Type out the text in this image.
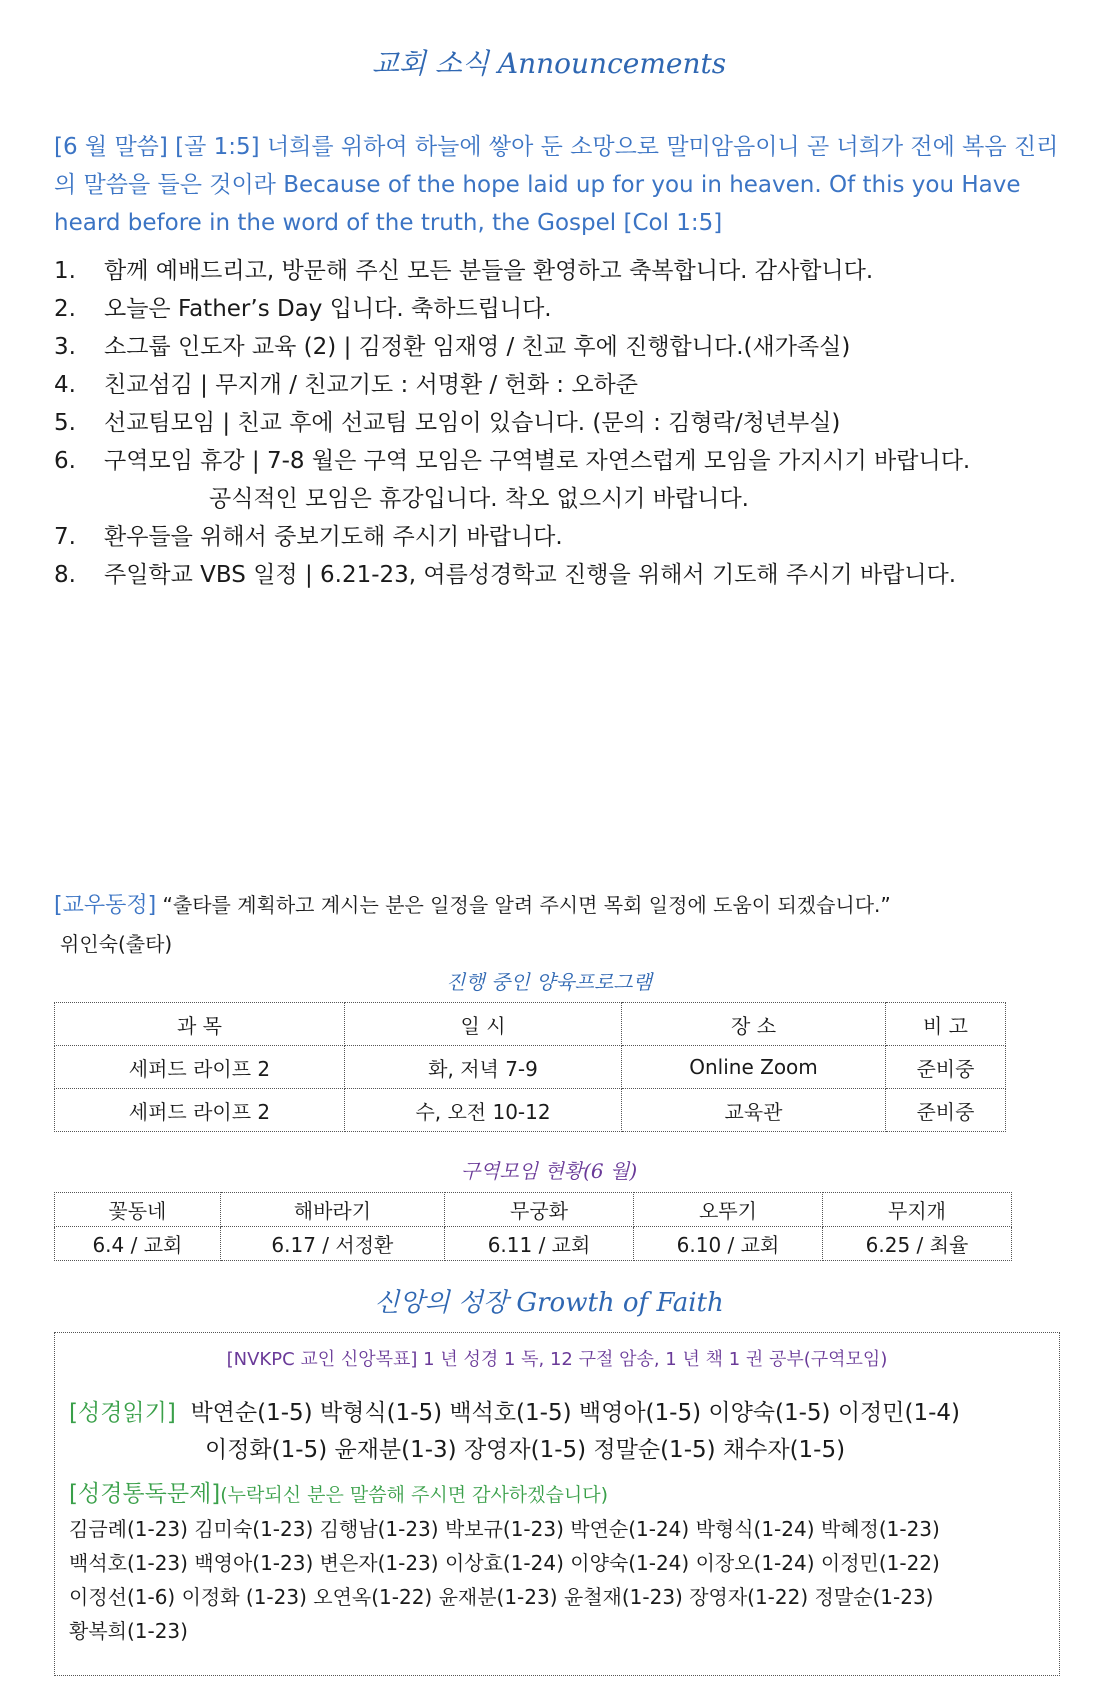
교회 소식 Announcements
[6 월 말씀] [골 1:5] 너희를 위하여 하늘에 쌓아 둔 소망으로 말미암음이니 곧 너희가 전에 복음 진리의 말씀을 들은 것이라 Because of the hope laid up for you in heaven. Of this you Have heard before in the word of the truth, the Gospel [Col 1:5]
1. 함께 예배드리고, 방문해 주신 모든 분들을 환영하고 축복합니다. 감사합니다.
2. 오늘은 Father’s Day 입니다. 축하드립니다.
3. 소그룹 인도자 교육 (2) | 김정환 임재영 / 친교 후에 진행합니다.(새가족실)
4. 친교섬김 | 무지개 / 친교기도 : 서명환 / 헌화 : 오하준
5. 선교팀모임 | 친교 후에 선교팀 모임이 있습니다. (문의 : 김형락/청년부실)
6. 구역모임 휴강 | 7-8 월은 구역 모임은 구역별로 자연스럽게 모임을 가지시기 바랍니다.
공식적인 모임은 휴강입니다. 착오 없으시기 바랍니다.
7. 환우들을 위해서 중보기도해 주시기 바랍니다.
8. 주일학교 VBS 일정 | 6.21-23, 여름성경학교 진행을 위해서 기도해 주시기 바랍니다.
[교우동정] “출타를 계획하고 계시는 분은 일정을 알려 주시면 목회 일정에 도움이 되겠습니다.”
위인숙(출타)
진행 중인 양육프로그램
과 목	일 시	장 소	비 고
세퍼드 라이프 2	화, 저녁 7-9	Online Zoom	준비중
세퍼드 라이프 2	수, 오전 10-12	교육관	준비중
구역모임 현황(6 월)
꽃동네	해바라기	무궁화	오뚜기	무지개
6.4 / 교회	6.17 / 서정환	6.11 / 교회	6.10 / 교회	6.25 / 최율
신앙의 성장 Growth of Faith
[NVKPC 교인 신앙목표] 1 년 성경 1 독, 12 구절 암송, 1 년 책 1 권 공부(구역모임)
[성경읽기] 박연순(1-5) 박형식(1-5) 백석호(1-5) 백영아(1-5) 이양숙(1-5) 이정민(1-4)
이정화(1-5) 윤재분(1-3) 장영자(1-5) 정말순(1-5) 채수자(1-5)
[성경통독문제](누락되신 분은 말씀해 주시면 감사하겠습니다)
김금례(1-23) 김미숙(1-23) 김행남(1-23) 박보규(1-23) 박연순(1-24) 박형식(1-24) 박혜정(1-23)
백석호(1-23) 백영아(1-23) 변은자(1-23) 이상효(1-24) 이양숙(1-24) 이장오(1-24) 이정민(1-22)
이정선(1-6) 이정화 (1-23) 오연옥(1-22) 윤재분(1-23) 윤철재(1-23) 장영자(1-22) 정말순(1-23)
황복희(1-23)
